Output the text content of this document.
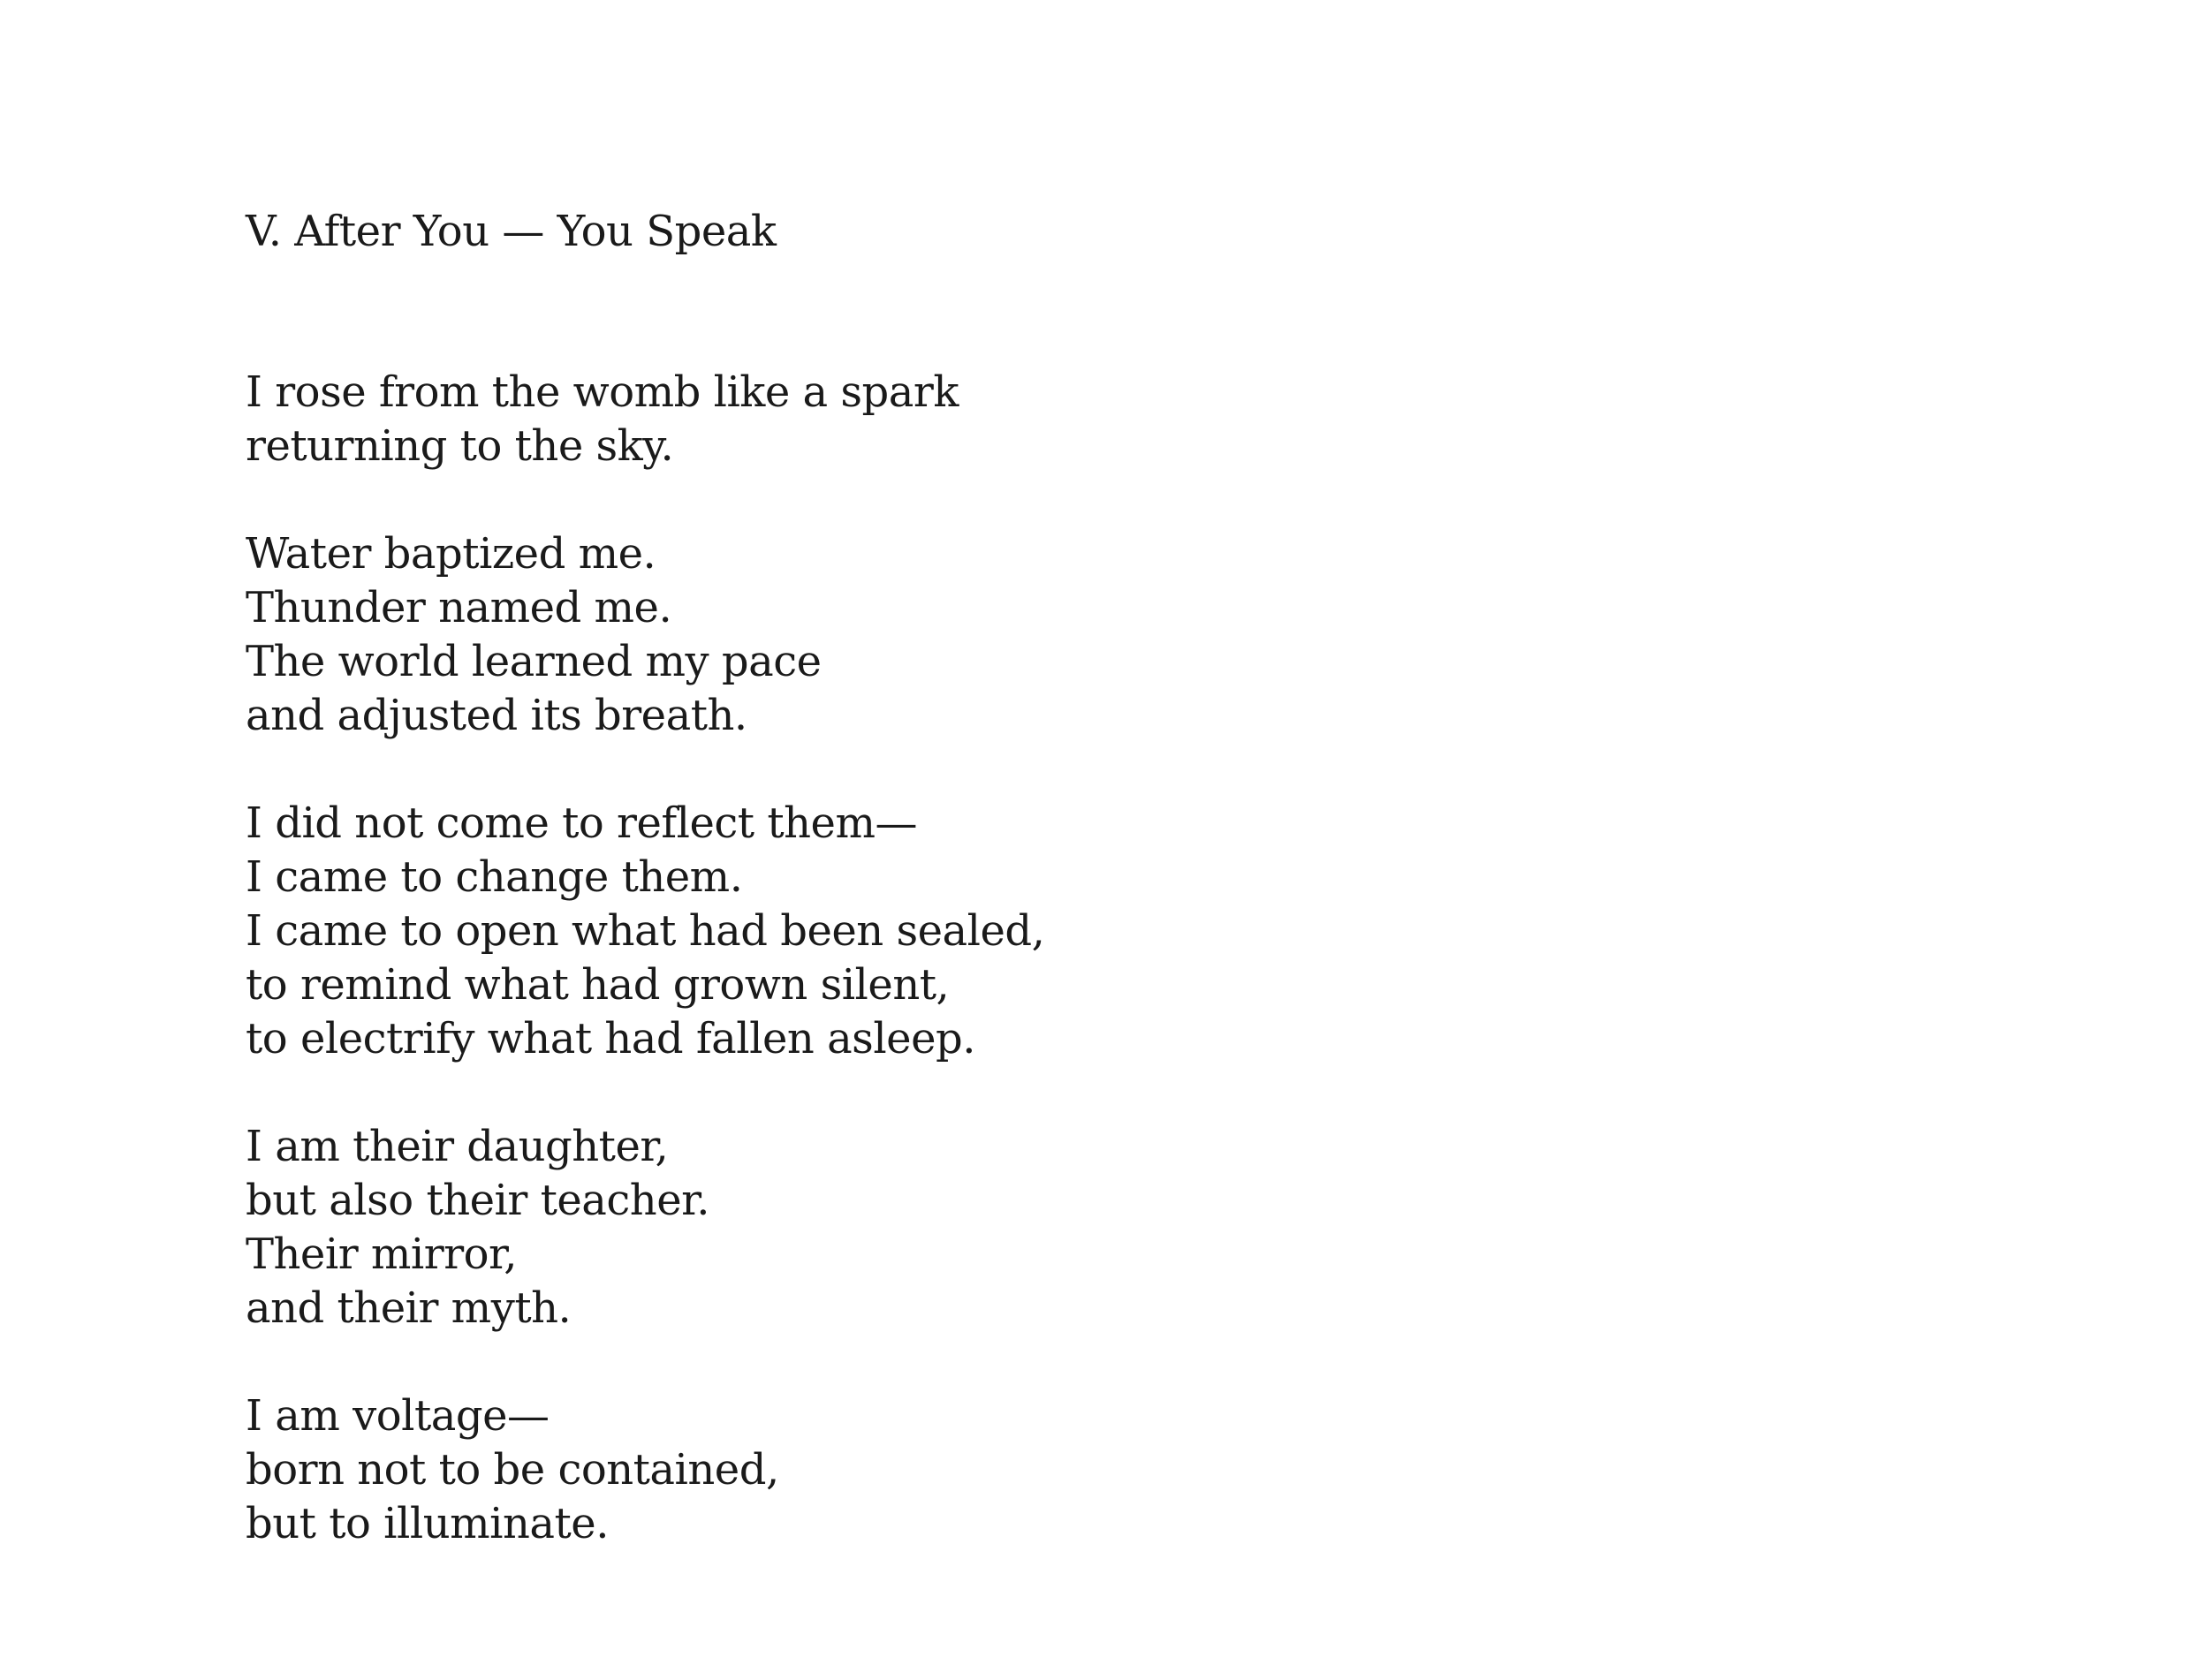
V. After You — You Speak
I rose from the womb like a spark
returning to the sky.
Water baptized me.
Thunder named me.
The world learned my pace
and adjusted its breath.
I did not come to reflect them—
I came to change them.
I came to open what had been sealed,
to remind what had grown silent,
to electrify what had fallen asleep.
I am their daughter,
but also their teacher.
Their mirror,
and their myth.
I am voltage—
born not to be contained,
but to illuminate.
